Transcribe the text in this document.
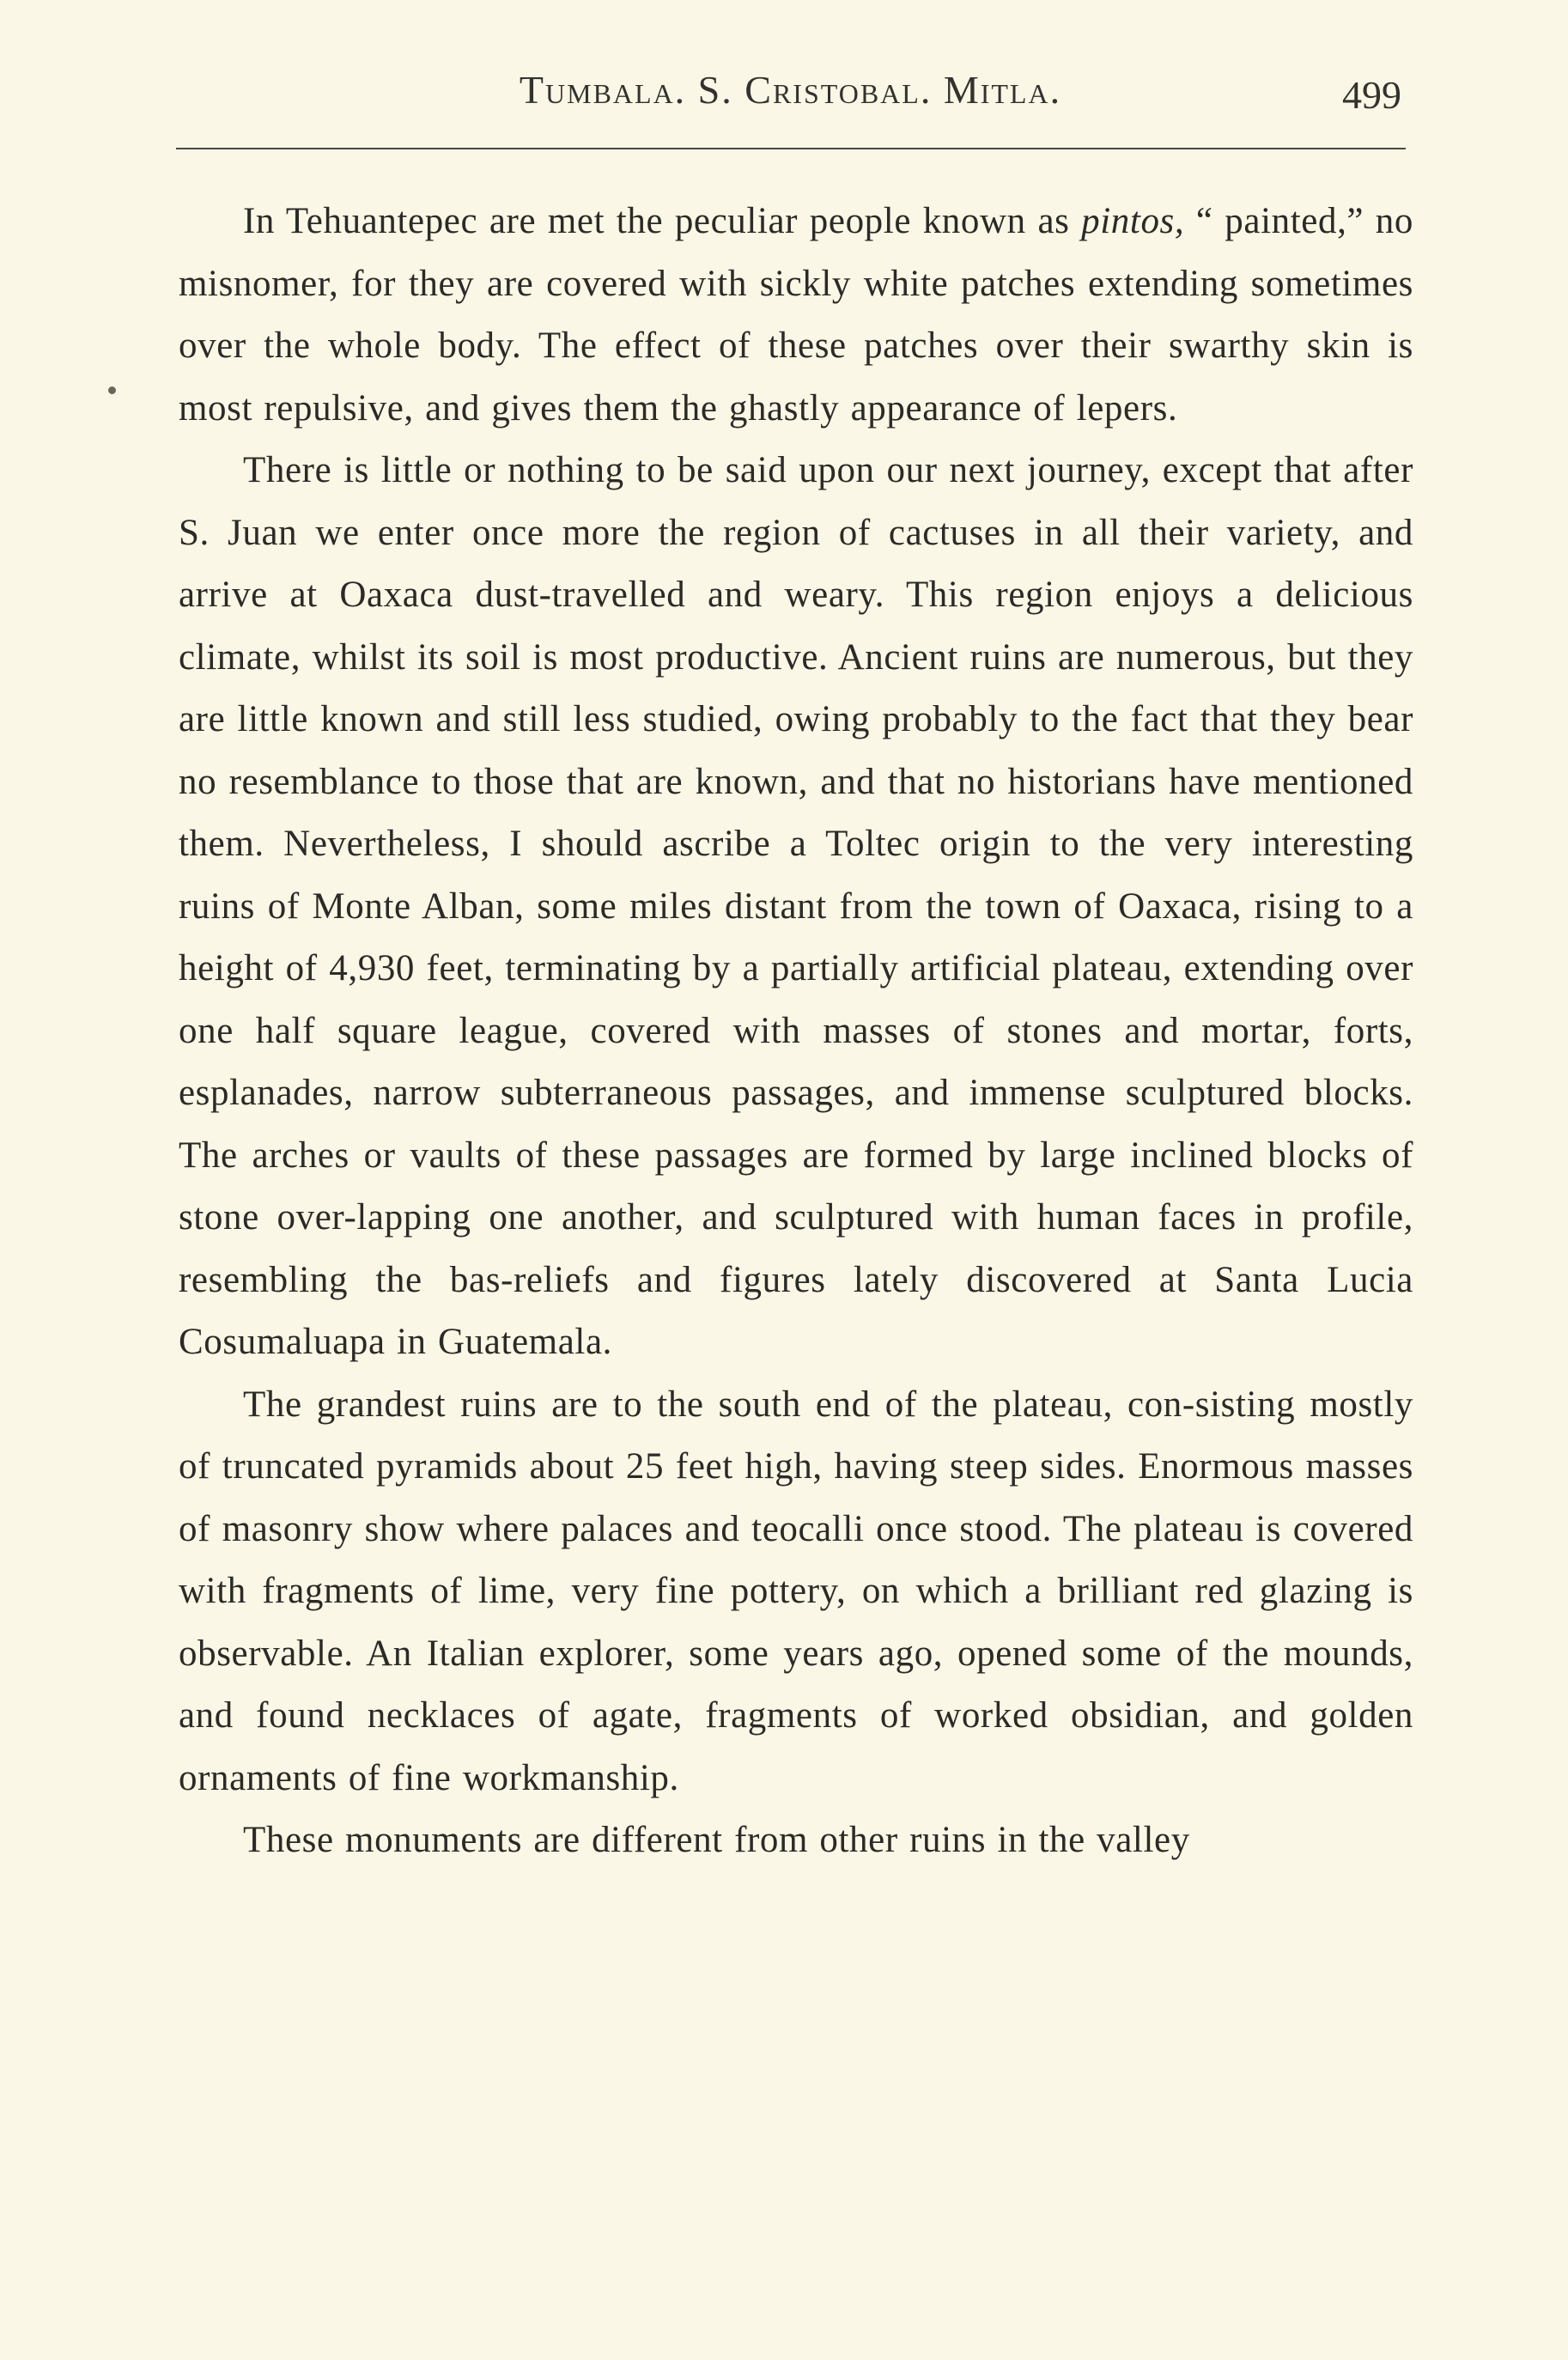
Tumbala. S. Cristobal. Mitla.	499

In Tehuantepec are met the peculiar people known as pintos, “ painted,” no misnomer, for they are covered with sickly white patches extending sometimes over the whole body. The effect of these patches over their swarthy skin is most repulsive, and gives them the ghastly appearance of lepers.

There is little or nothing to be said upon our next journey, except that after S. Juan we enter once more the region of cactuses in all their variety, and arrive at Oaxaca dust-travelled and weary. This region enjoys a delicious climate, whilst its soil is most productive. Ancient ruins are numerous, but they are little known and still less studied, owing probably to the fact that they bear no resemblance to those that are known, and that no historians have mentioned them. Nevertheless, I should ascribe a Toltec origin to the very interesting ruins of Monte Alban, some miles distant from the town of Oaxaca, rising to a height of 4,930 feet, terminating by a partially artificial plateau, extending over one half square league, covered with masses of stones and mortar, forts, esplanades, narrow subterraneous passages, and immense sculptured blocks. The arches or vaults of these passages are formed by large inclined blocks of stone over-lapping one another, and sculptured with human faces in profile, resembling the bas-reliefs and figures lately discovered at Santa Lucia Cosumaluapa in Guatemala.

The grandest ruins are to the south end of the plateau, con-sisting mostly of truncated pyramids about 25 feet high, having steep sides. Enormous masses of masonry show where palaces and teocalli once stood. The plateau is covered with fragments of lime, very fine pottery, on which a brilliant red glazing is observable. An Italian explorer, some years ago, opened some of the mounds, and found necklaces of agate, fragments of worked obsidian, and golden ornaments of fine workmanship.

These monuments are different from other ruins in the valley
